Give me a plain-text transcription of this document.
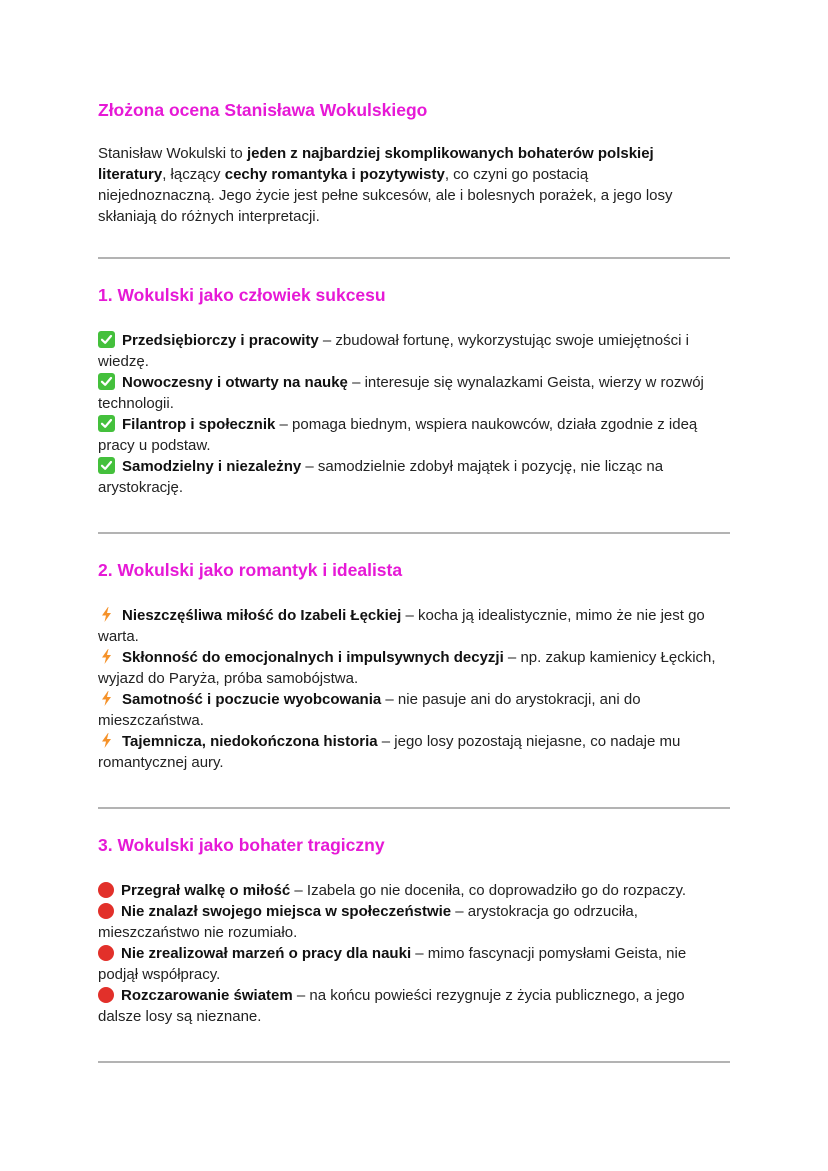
Złożona ocena Stanisława Wokulskiego

Stanisław Wokulski to jeden z najbardziej skomplikowanych bohaterów polskiej literatury, łączący cechy romantyka i pozytywisty, co czyni go postacią niejednoznaczną. Jego życie jest pełne sukcesów, ale i bolesnych porażek, a jego losy skłaniają do różnych interpretacji.

1. Wokulski jako człowiek sukcesu

Przedsiębiorczy i pracowity – zbudował fortunę, wykorzystując swoje umiejętności i wiedzę.

Nowoczesny i otwarty na naukę – interesuje się wynalazkami Geista, wierzy w rozwój technologii.

Filantrop i społecznik – pomaga biednym, wspiera naukowców, działa zgodnie z ideą pracy u podstaw.

Samodzielny i niezależny – samodzielnie zdobył majątek i pozycję, nie licząc na arystokrację.

2. Wokulski jako romantyk i idealista

Nieszczęśliwa miłość do Izabeli Łęckiej – kocha ją idealistycznie, mimo że nie jest go warta.

Skłonność do emocjonalnych i impulsywnych decyzji – np. zakup kamienicy Łęckich, wyjazd do Paryża, próba samobójstwa.

Samotność i poczucie wyobcowania – nie pasuje ani do arystokracji, ani do mieszczaństwa.

Tajemnicza, niedokończona historia – jego losy pozostają niejasne, co nadaje mu romantycznej aury.

3. Wokulski jako bohater tragiczny

Przegrał walkę o miłość – Izabela go nie doceniła, co doprowadziło go do rozpaczy.

Nie znalazł swojego miejsca w społeczeństwie – arystokracja go odrzuciła, mieszczaństwo nie rozumiało.

Nie zrealizował marzeń o pracy dla nauki – mimo fascynacji pomysłami Geista, nie podjął współpracy.

Rozczarowanie światem – na końcu powieści rezygnuje z życia publicznego, a jego dalsze losy są nieznane.
